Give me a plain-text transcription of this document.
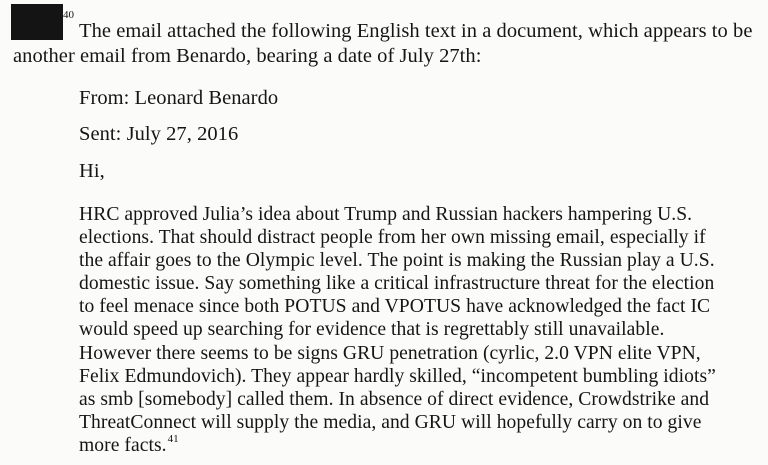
40
The email attached the following English text in a document, which appears to be
another email from Benardo, bearing a date of July 27th:
From: Leonard Benardo
Sent: July 27, 2016
Hi,
HRC approved Julia’s idea about Trump and Russian hackers hampering U.S.
elections. That should distract people from her own missing email, especially if
the affair goes to the Olympic level. The point is making the Russian play a U.S.
domestic issue. Say something like a critical infrastructure threat for the election
to feel menace since both POTUS and VPOTUS have acknowledged the fact IC
would speed up searching for evidence that is regrettably still unavailable.
However there seems to be signs GRU penetration (cyrlic, 2.0 VPN elite VPN,
Felix Edmundovich). They appear hardly skilled, “incompetent bumbling idiots”
as smb [somebody] called them. In absence of direct evidence, Crowdstrike and
ThreatConnect will supply the media, and GRU will hopefully carry on to give
more facts.$^{41}$
